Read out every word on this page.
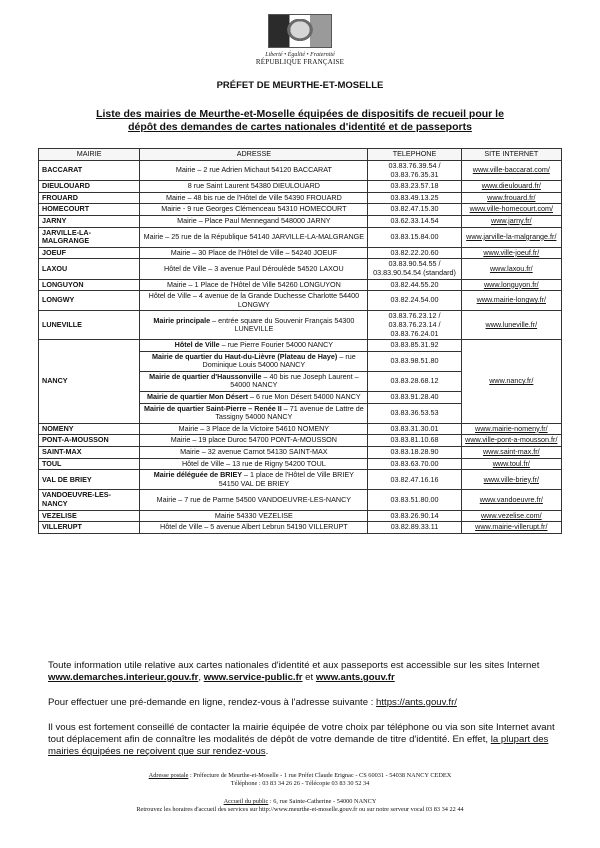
Liberté • Égalité • Fraternité
RÉPUBLIQUE FRANÇAISE
PRÉFET DE MEURTHE-ET-MOSELLE
Liste des mairies de Meurthe-et-Moselle équipées de dispositifs de recueil pour le
dépôt des demandes de cartes nationales d'identité et de passeports
MAIRIE	ADRESSE	TELEPHONE	SITE INTERNET
BACCARAT	Mairie – 2 rue Adrien Michaut 54120 BACCARAT	03.83.76.39.54 / 03.83.76.35.31	www.ville-baccarat.com/
DIEULOUARD	8 rue Saint Laurent 54380 DIEULOUARD	03.83.23.57.18	www.dieulouard.fr/
FROUARD	Mairie – 48 bis rue de l'Hôtel de Ville 54390 FROUARD	03.83.49.13.25	www.frouard.fr/
HOMECOURT	Mairie - 9 rue Georges Clémenceau 54310 HOMECOURT	03.82.47.15.30	www.ville-homecourt.com/
JARNY	Mairie – Place Paul Mennegand 548000 JARNY	03.62.33.14.54	www.jarny.fr/
JARVILLE-LA-MALGRANGE	Mairie – 25 rue de la République 54140 JARVILLE-LA-MALGRANGE	03.83.15.84.00	www.jarville-la-malgrange.fr/
JOEUF	Mairie – 30 Place de l'Hôtel de Ville – 54240 JOEUF	03.82.22.20.60	www.ville-joeuf.fr/
LAXOU	Hôtel de Ville – 3 avenue Paul Déroulède 54520 LAXOU	03.83.90.54.55 / 03.83.90.54.54 (standard)	www.laxou.fr/
LONGUYON	Mairie – 1 Place de l'Hôtel de Ville 54260 LONGUYON	03.82.44.55.20	www.longuyon.fr/
LONGWY	Hôtel de Ville – 4 avenue de la Grande Duchesse Charlotte 54400 LONGWY	03.82.24.54.00	www.mairie-longwy.fr/
LUNEVILLE	Mairie principale – entrée square du Souvenir Français 54300 LUNEVILLE	03.83.76.23.12 / 03.83.76.23.14 / 03.83.76.24.01	www.luneville.fr/
NANCY	Hôtel de Ville – rue Pierre Fourier 54000 NANCY	03.83.85.31.92	www.nancy.fr/
	Mairie de quartier du Haut-du-Lièvre (Plateau de Haye) – rue Dominique Louis 54000 NANCY	03.83.98.51.80	
	Mairie de quartier d'Haussonville – 40 bis rue Joseph Laurent – 54000 NANCY	03.83.28.68.12	
	Mairie de quartier Mon Désert – 6 rue Mon Désert 54000 NANCY	03.83.91.28.40	
	Mairie de quartier Saint-Pierre – Renée II – 71 avenue de Lattre de Tassigny 54000 NANCY	03.83.36.53.53	
NOMENY	Mairie – 3 Place de la Victoire 54610 NOMENY	03.83.31.30.01	www.mairie-nomeny.fr/
PONT-A-MOUSSON	Mairie – 19 place Duroc 54700 PONT-A-MOUSSON	03.83.81.10.68	www.ville-pont-a-mousson.fr/
SAINT-MAX	Mairie – 32 avenue Carnot 54130 SAINT-MAX	03.83.18.28.90	www.saint-max.fr/
TOUL	Hôtel de Ville – 13 rue de Rigny 54200 TOUL	03.83.63.70.00	www.toul.fr/
VAL DE BRIEY	Mairie déléguée de BRIEY – 1 place de l'Hôtel de Ville BRIEY 54150 VAL DE BRIEY	03.82.47.16.16	www.ville-briey.fr/
VANDOEUVRE-LES-NANCY	Mairie – 7 rue de Parme 54500 VANDOEUVRE-LES-NANCY	03.83.51.80.00	www.vandoeuvre.fr/
VEZELISE	Mairie 54330 VEZELISE	03.83.26.90.14	www.vezelise.com/
VILLERUPT	Hôtel de Ville – 5 avenue Albert Lebrun 54190 VILLERUPT	03.82.89.33.11	www.mairie-villerupt.fr/
Toute information utile relative aux cartes nationales d'identité et aux passeports est accessible sur les sites Internet www.demarches.interieur.gouv.fr, www.service-public.fr et www.ants.gouv.fr
Pour effectuer une pré-demande en ligne, rendez-vous à l'adresse suivante : https://ants.gouv.fr/
Il vous est fortement conseillé de contacter la mairie équipée de votre choix par téléphone ou via son site Internet avant tout déplacement afin de connaître les modalités de dépôt de votre demande de titre d'identité. En effet, la plupart des mairies équipées ne reçoivent que sur rendez-vous.
Adresse postale : Préfecture de Meurthe-et-Moselle - 1 rue Préfet Claude Erignac - CS 60031 - 54038 NANCY CEDEX
Téléphone : 03 83 34 26 26 - Télécopie 03 83 30 52 34
Accueil du public : 6, rue Sainte-Catherine - 54000 NANCY
Retrouvez les horaires d'accueil des services sur http://www.meurthe-et-moselle.gouv.fr ou sur notre serveur vocal 03 83 34 22 44
